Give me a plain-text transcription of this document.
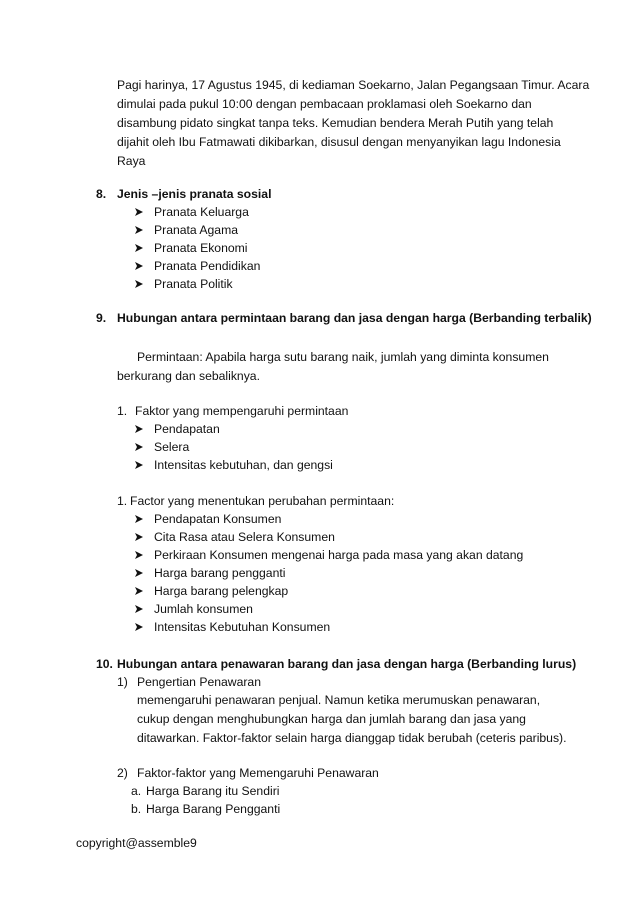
Pagi harinya, 17 Agustus 1945, di kediaman Soekarno, Jalan Pegangsaan Timur. Acara
dimulai pada pukul 10:00 dengan pembacaan proklamasi oleh Soekarno dan
disambung pidato singkat tanpa teks. Kemudian bendera Merah Putih yang telah
dijahit oleh Ibu Fatmawati dikibarkan, disusul dengan menyanyikan lagu Indonesia
Raya
8. Jenis –jenis pranata sosial
Pranata Keluarga
Pranata Agama
Pranata Ekonomi
Pranata Pendidikan
Pranata Politik
9. Hubungan antara permintaan barang dan jasa dengan harga (Berbanding terbalik)
Permintaan: Apabila harga sutu barang naik, jumlah yang diminta konsumen
berkurang dan sebaliknya.
1. Faktor yang mempengaruhi permintaan
Pendapatan
Selera
Intensitas kebutuhan, dan gengsi
1. Factor yang menentukan perubahan permintaan:
Pendapatan Konsumen
Cita Rasa atau Selera Konsumen
Perkiraan Konsumen mengenai harga pada masa yang akan datang
Harga barang pengganti
Harga barang pelengkap
Jumlah konsumen
Intensitas Kebutuhan Konsumen
10. Hubungan antara penawaran barang dan jasa dengan harga (Berbanding lurus)
1) Pengertian Penawaran
memengaruhi penawaran penjual. Namun ketika merumuskan penawaran,
cukup dengan menghubungkan harga dan jumlah barang dan jasa yang
ditawarkan. Faktor-faktor selain harga dianggap tidak berubah (ceteris paribus).
2) Faktor-faktor yang Memengaruhi Penawaran
a. Harga Barang itu Sendiri
b. Harga Barang Pengganti
copyright@assemble9
